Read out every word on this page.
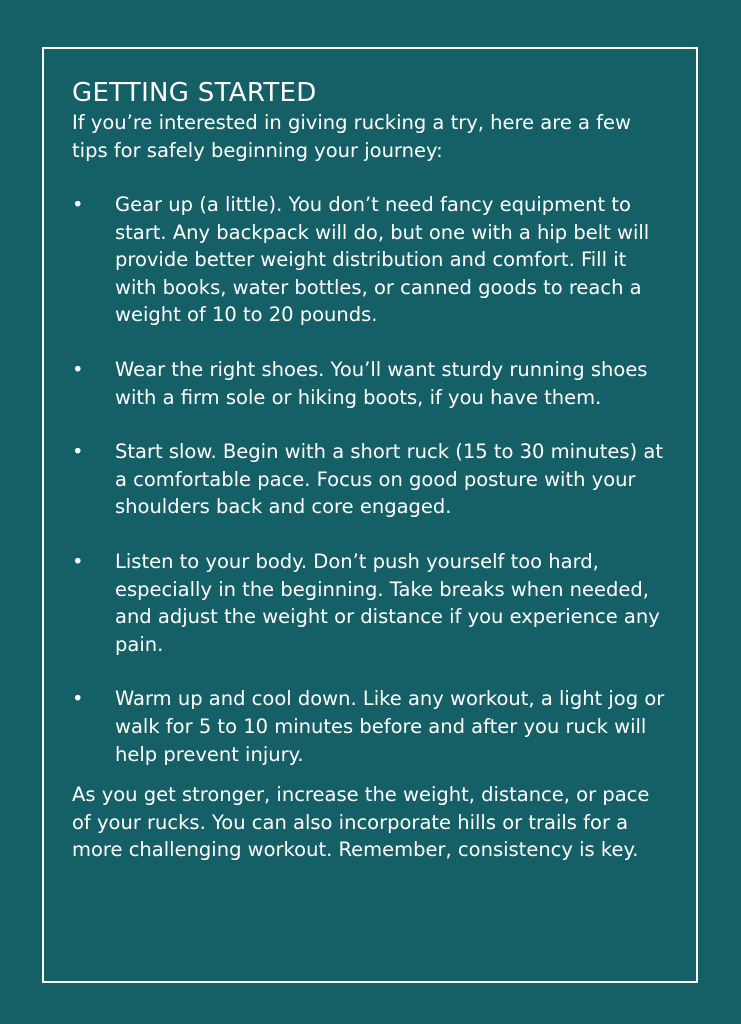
GETTING STARTED

If you’re interested in giving rucking a try, here are a few tips for safely beginning your journey:

•	Gear up (a little). You don’t need fancy equipment to start. Any backpack will do, but one with a hip belt will provide better weight distribution and comfort. Fill it with books, water bottles, or canned goods to reach a weight of 10 to 20 pounds.
•	Wear the right shoes. You’ll want sturdy running shoes with a firm sole or hiking boots, if you have them.
•	Start slow. Begin with a short ruck (15 to 30 minutes) at a comfortable pace. Focus on good posture with your shoulders back and core engaged.
•	Listen to your body. Don’t push yourself too hard, especially in the beginning. Take breaks when needed, and adjust the weight or distance if you experience any pain.
•	Warm up and cool down. Like any workout, a light jog or walk for 5 to 10 minutes before and after you ruck will help prevent injury.

As you get stronger, increase the weight, distance, or pace of your rucks. You can also incorporate hills or trails for a more challenging workout. Remember, consistency is key.
